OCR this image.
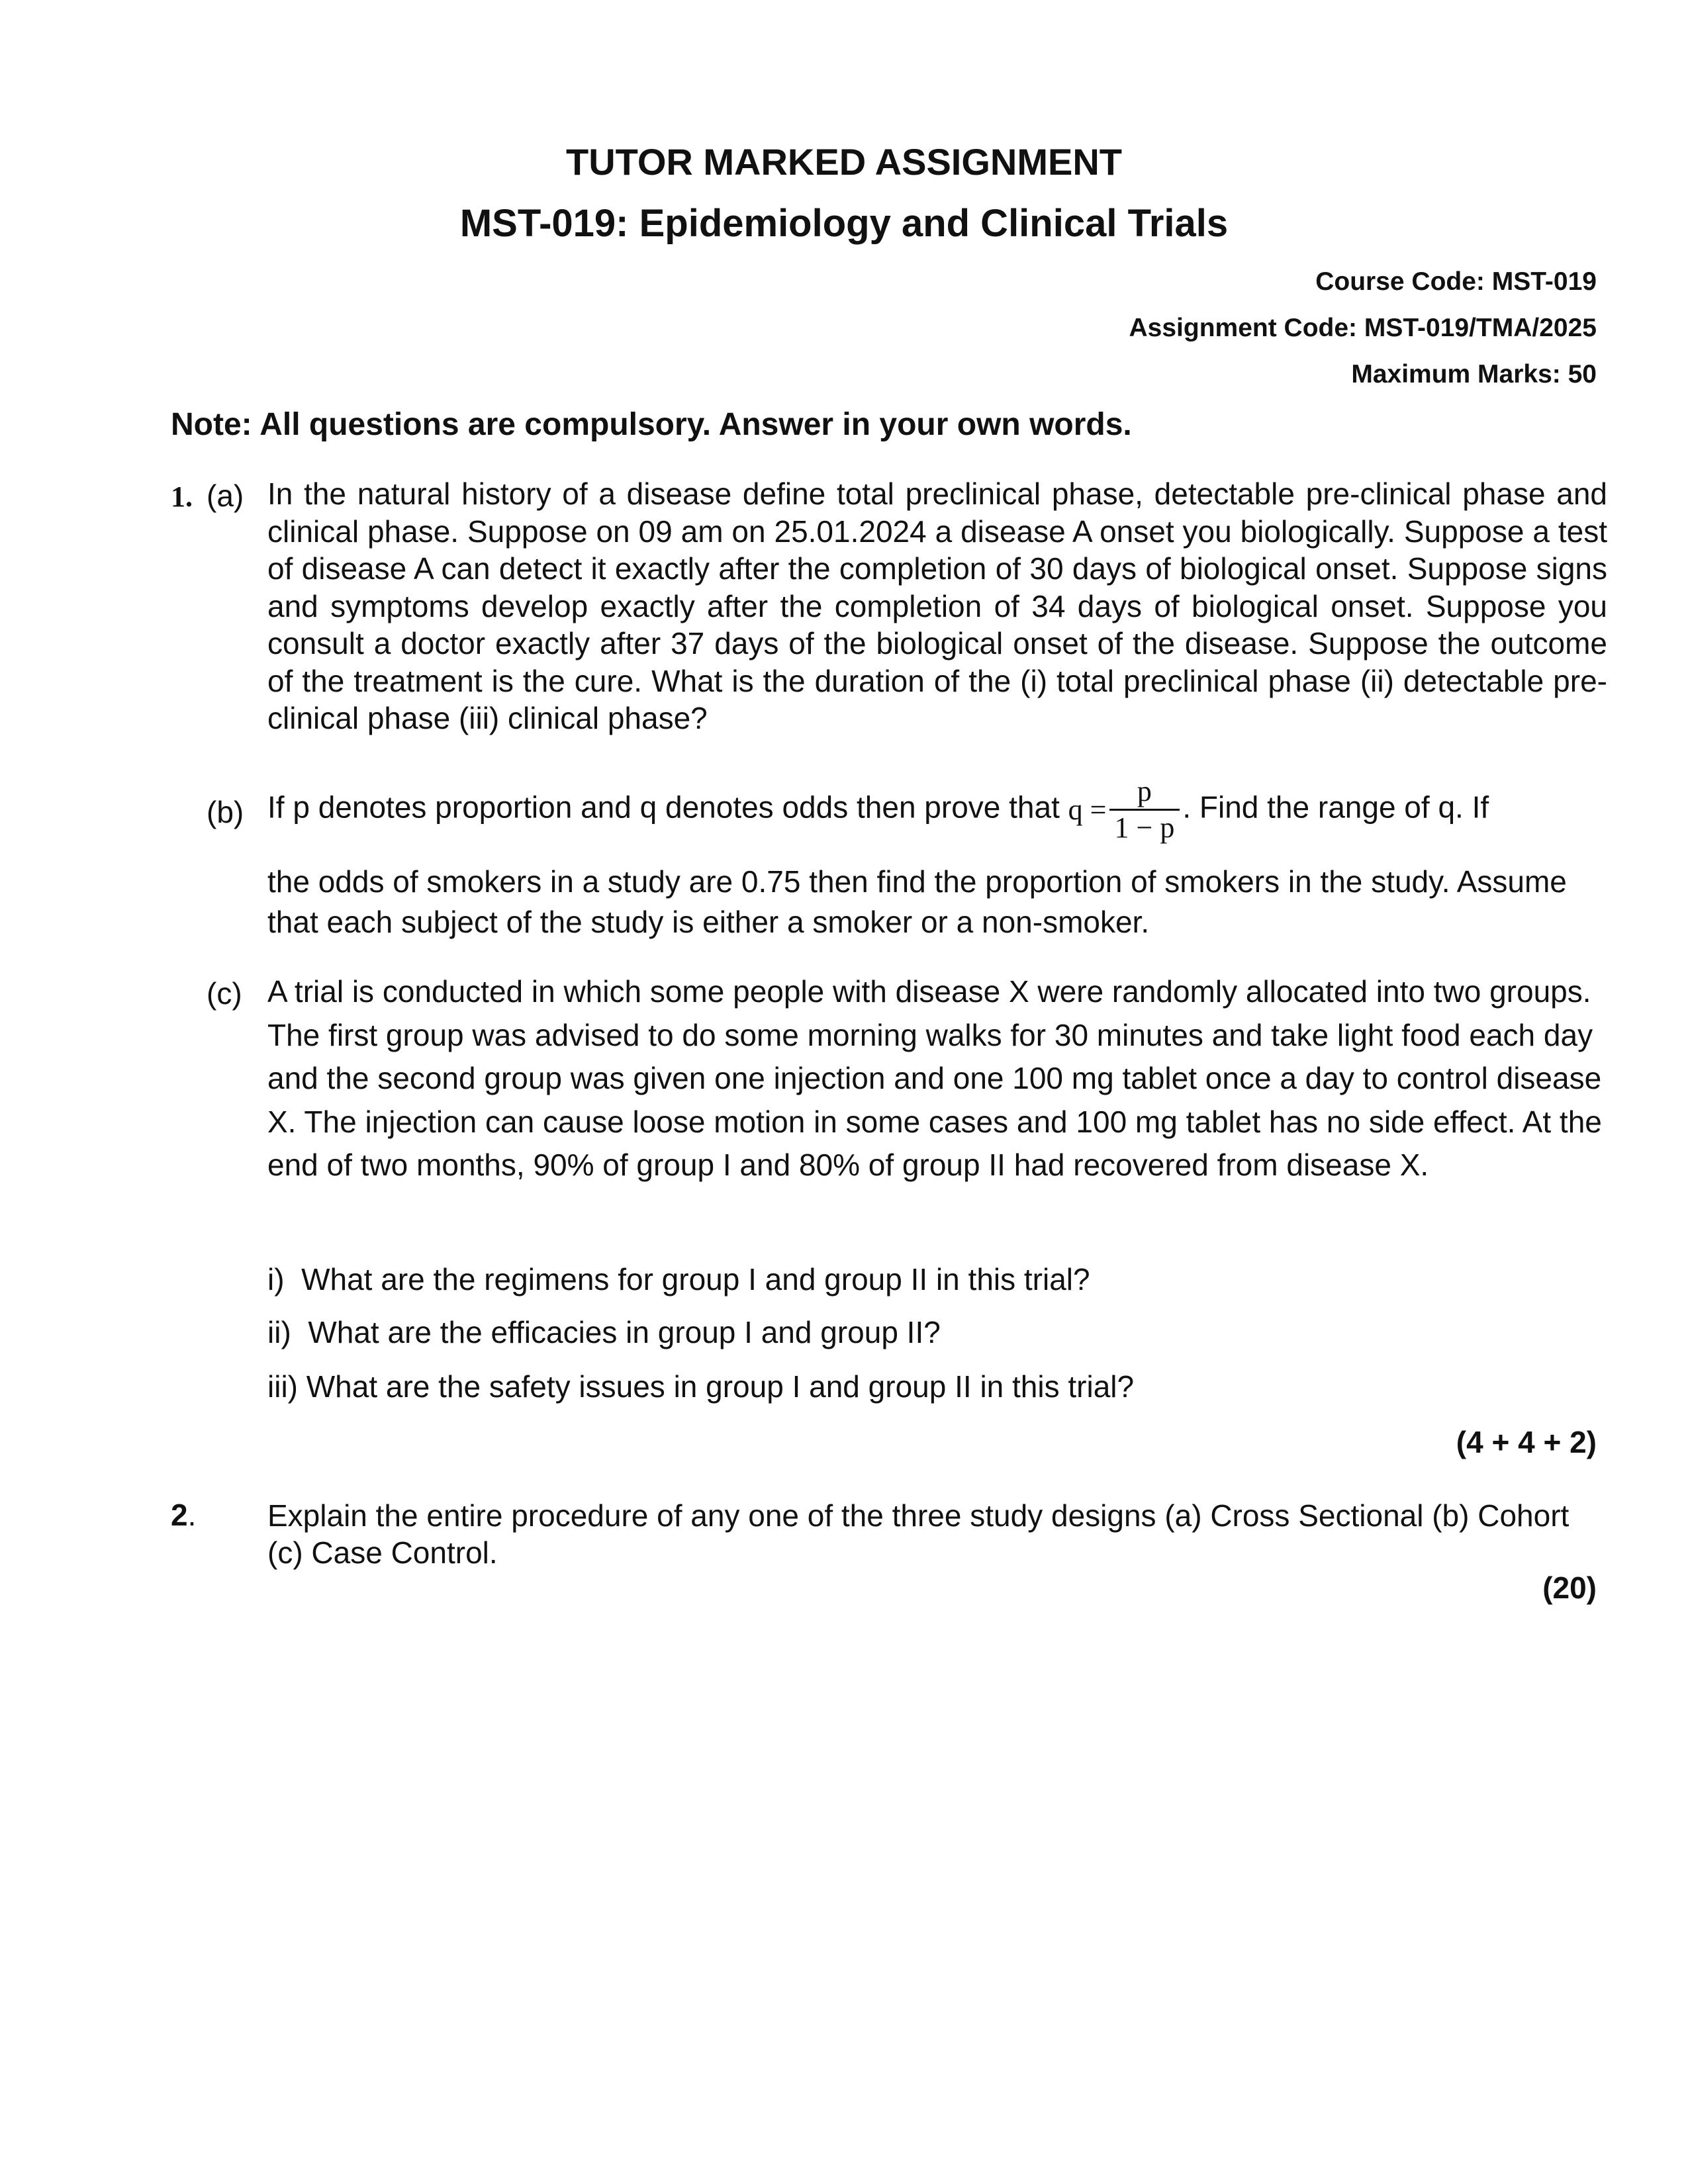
TUTOR MARKED ASSIGNMENT
MST-019: Epidemiology and Clinical Trials
Course Code: MST-019
Assignment Code: MST-019/TMA/2025
Maximum Marks: 50
Note: All questions are compulsory. Answer in your own words.
1. (a) In the natural history of a disease define total preclinical phase, detectable pre-clinical phase and clinical phase. Suppose on 09 am on 25.01.2024 a disease A onset you biologically. Suppose a test of disease A can detect it exactly after the completion of 30 days of biological onset. Suppose signs and symptoms develop exactly after the completion of 34 days of biological onset. Suppose you consult a doctor exactly after 37 days of the biological onset of the disease. Suppose the outcome of the treatment is the cure. What is the duration of the (i) total preclinical phase (ii) detectable pre-clinical phase (iii) clinical phase?
(b) If p denotes proportion and q denotes odds then prove that $q = \frac{p}{1 - p}$ . Find the range of q. If
the odds of smokers in a study are 0.75 then find the proportion of smokers in the study. Assume that each subject of the study is either a smoker or a non-smoker.
(c) A trial is conducted in which some people with disease X were randomly allocated into two groups. The first group was advised to do some morning walks for 30 minutes and take light food each day and the second group was given one injection and one 100 mg tablet once a day to control disease X. The injection can cause loose motion in some cases and 100 mg tablet has no side effect. At the end of two months, 90% of group I and 80% of group II had recovered from disease X.
i)  What are the regimens for group I and group II in this trial?
ii)  What are the efficacies in group I and group II?
iii) What are the safety issues in group I and group II in this trial?
(4 + 4 + 2)
2. Explain the entire procedure of any one of the three study designs (a) Cross Sectional (b) Cohort (c) Case Control.
(20)
